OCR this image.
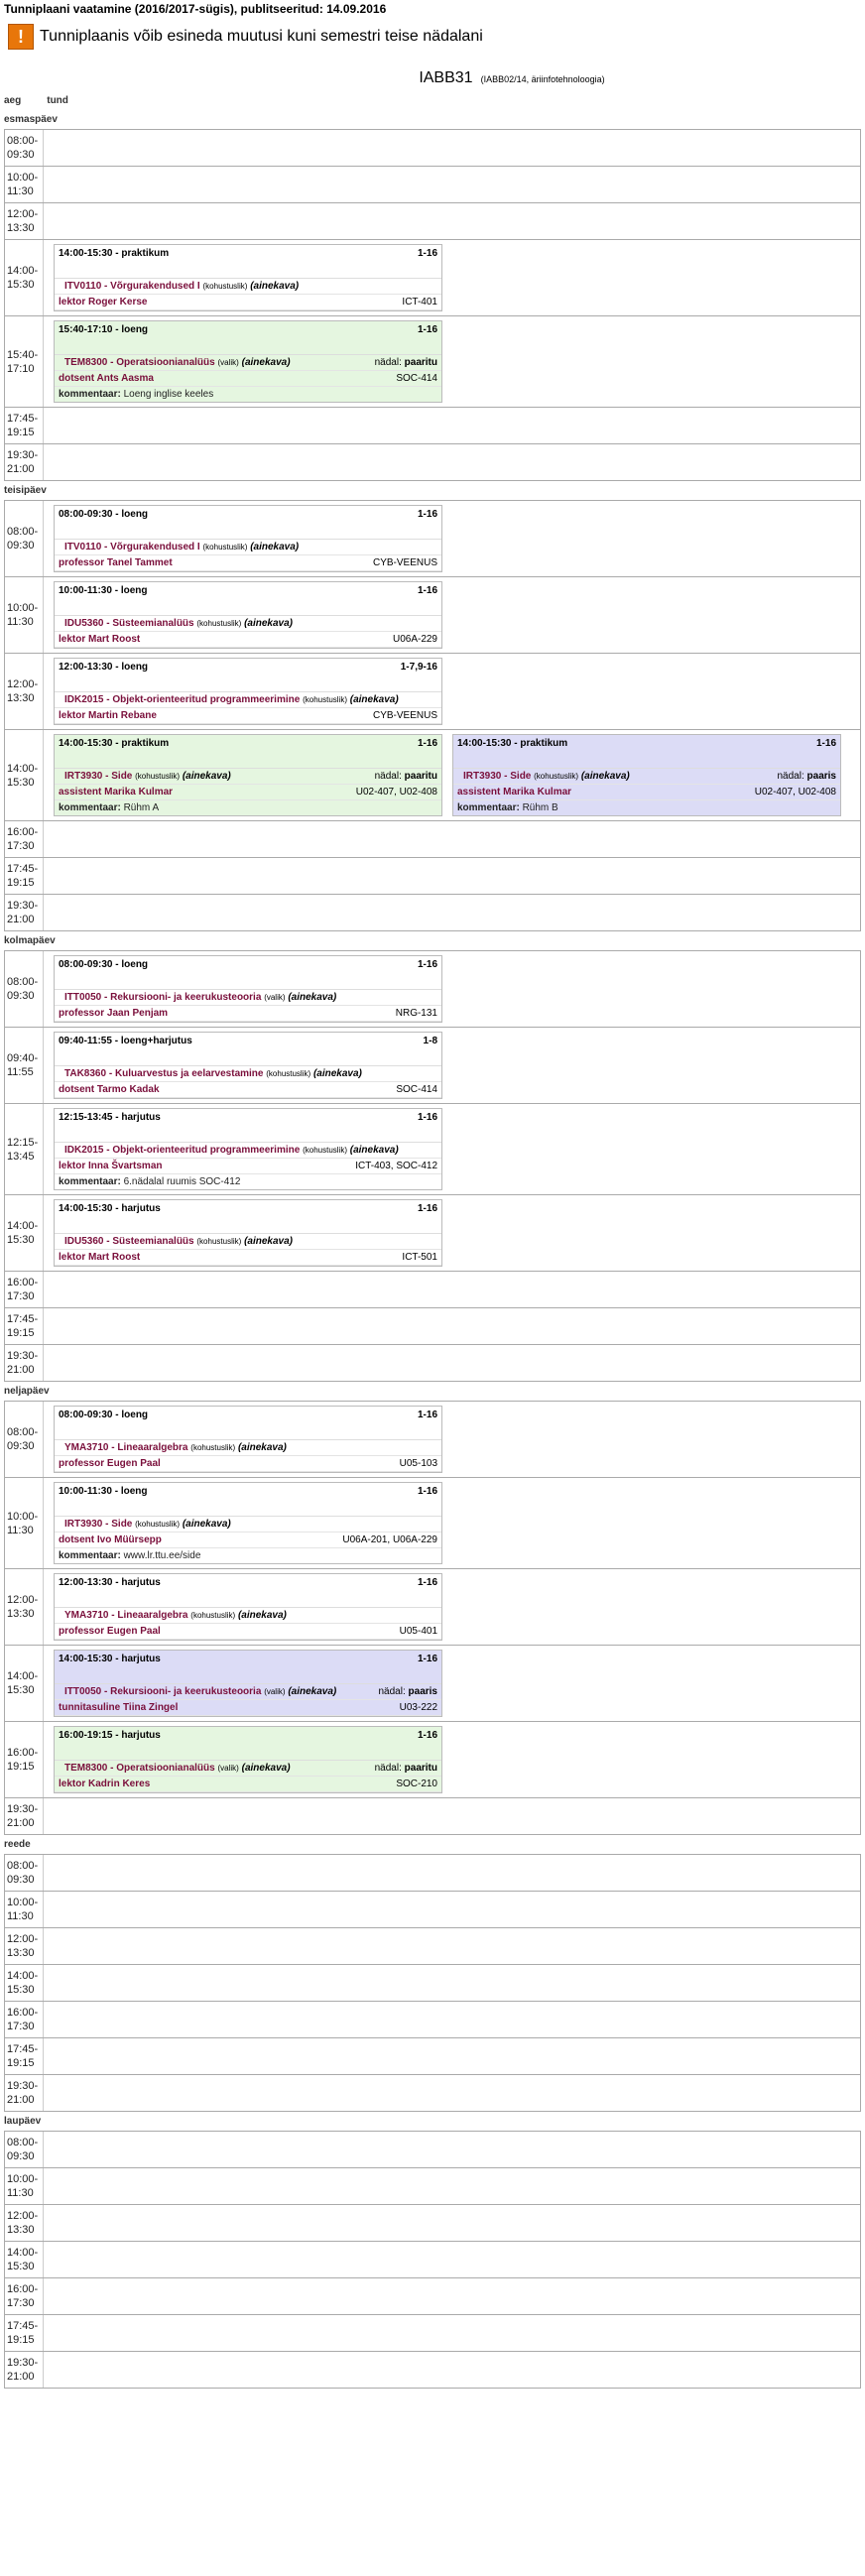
Tunniplaani vaatamine (2016/2017-sügis), publitseeritud: 14.09.2016
!	Tunniplaanis võib esineda muutusi kuni semestri teise nädalani
IABB31 (IABB02/14, äriinfotehnoloogia)
aeg	tund
esmaspäev
08:00-
09:30
10:00-
11:30
12:00-
13:30
14:00-
15:30
14:00-15:30 - praktikum	1-16
ITV0110 - Võrgurakendused I (kohustuslik) (ainekava)
lektor Roger Kerse	ICT-401
15:40-
17:10
15:40-17:10 - loeng	1-16
TEM8300 - Operatsioonianalüüs (valik) (ainekava)	nädal: paaritu
dotsent Ants Aasma	SOC-414
kommentaar: Loeng inglise keeles
17:45-
19:15
19:30-
21:00
teisipäev
08:00-
09:30
08:00-09:30 - loeng	1-16
ITV0110 - Võrgurakendused I (kohustuslik) (ainekava)
professor Tanel Tammet	CYB-VEENUS
10:00-
11:30
10:00-11:30 - loeng	1-16
IDU5360 - Süsteemianalüüs (kohustuslik) (ainekava)
lektor Mart Roost	U06A-229
12:00-
13:30
12:00-13:30 - loeng	1-7,9-16
IDK2015 - Objekt-orienteeritud programmeerimine (kohustuslik) (ainekava)
lektor Martin Rebane	CYB-VEENUS
14:00-
15:30
14:00-15:30 - praktikum	1-16
IRT3930 - Side (kohustuslik) (ainekava)	nädal: paaritu
assistent Marika Kulmar	U02-407, U02-408
kommentaar: Rühm A
14:00-15:30 - praktikum	1-16
IRT3930 - Side (kohustuslik) (ainekava)	nädal: paaris
assistent Marika Kulmar	U02-407, U02-408
kommentaar: Rühm B
16:00-
17:30
17:45-
19:15
19:30-
21:00
kolmapäev
08:00-
09:30
08:00-09:30 - loeng	1-16
ITT0050 - Rekursiooni- ja keerukusteooria (valik) (ainekava)
professor Jaan Penjam	NRG-131
09:40-
11:55
09:40-11:55 - loeng+harjutus	1-8
TAK8360 - Kuluarvestus ja eelarvestamine (kohustuslik) (ainekava)
dotsent Tarmo Kadak	SOC-414
12:15-
13:45
12:15-13:45 - harjutus	1-16
IDK2015 - Objekt-orienteeritud programmeerimine (kohustuslik) (ainekava)
lektor Inna Švartsman	ICT-403, SOC-412
kommentaar: 6.nädalal ruumis SOC-412
14:00-
15:30
14:00-15:30 - harjutus	1-16
IDU5360 - Süsteemianalüüs (kohustuslik) (ainekava)
lektor Mart Roost	ICT-501
16:00-
17:30
17:45-
19:15
19:30-
21:00
neljapäev
08:00-
09:30
08:00-09:30 - loeng	1-16
YMA3710 - Lineaaralgebra (kohustuslik) (ainekava)
professor Eugen Paal	U05-103
10:00-
11:30
10:00-11:30 - loeng	1-16
IRT3930 - Side (kohustuslik) (ainekava)
dotsent Ivo Müürsepp	U06A-201, U06A-229
kommentaar: www.lr.ttu.ee/side
12:00-
13:30
12:00-13:30 - harjutus	1-16
YMA3710 - Lineaaralgebra (kohustuslik) (ainekava)
professor Eugen Paal	U05-401
14:00-
15:30
14:00-15:30 - harjutus	1-16
ITT0050 - Rekursiooni- ja keerukusteooria (valik) (ainekava)	nädal: paaris
tunnitasuline Tiina Zingel	U03-222
16:00-
19:15
16:00-19:15 - harjutus	1-16
TEM8300 - Operatsioonianalüüs (valik) (ainekava)	nädal: paaritu
lektor Kadrin Keres	SOC-210
19:30-
21:00
reede
08:00-
09:30
10:00-
11:30
12:00-
13:30
14:00-
15:30
16:00-
17:30
17:45-
19:15
19:30-
21:00
laupäev
08:00-
09:30
10:00-
11:30
12:00-
13:30
14:00-
15:30
16:00-
17:30
17:45-
19:15
19:30-
21:00
